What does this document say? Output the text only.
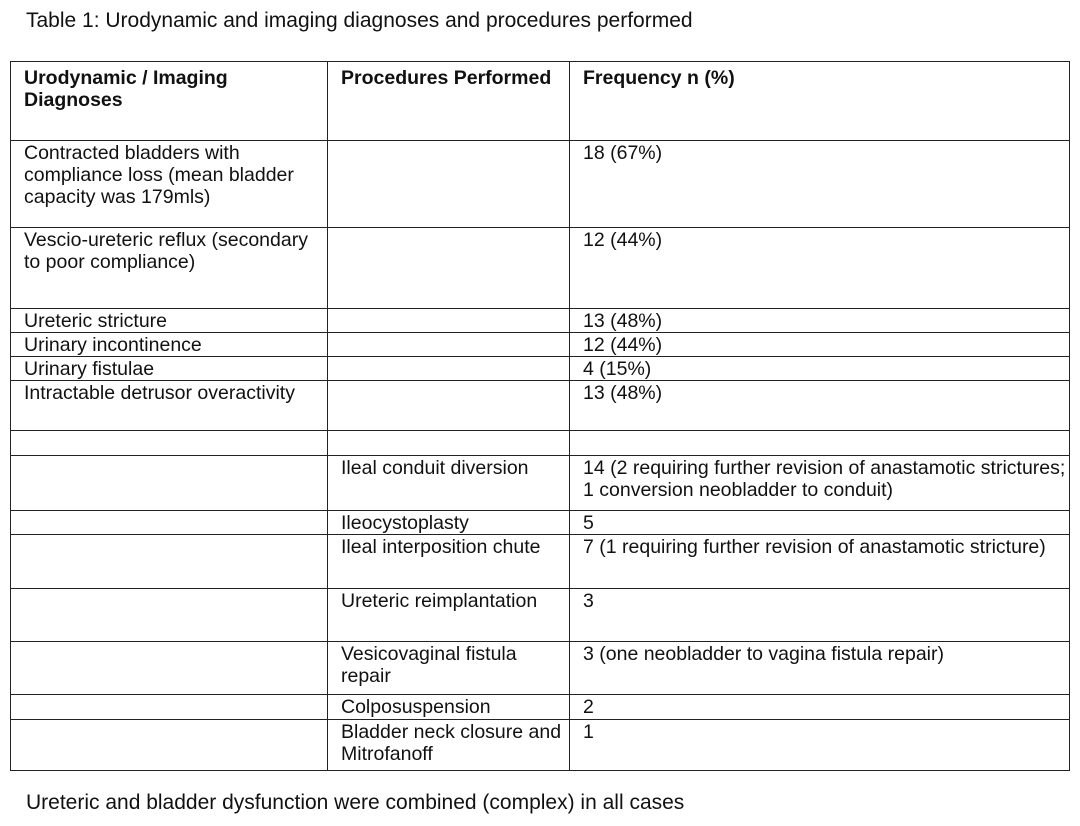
Table 1: Urodynamic and imaging diagnoses and procedures performed
Urodynamic / Imaging Diagnoses	Procedures Performed	Frequency n (%)
Contracted bladders with compliance loss (mean bladder capacity was 179mls)		18 (67%)
Vescio-ureteric reflux (secondary to poor compliance)		12 (44%)
Ureteric stricture		13 (48%)
Urinary incontinence		12 (44%)
Urinary fistulae		4 (15%)
Intractable detrusor overactivity		13 (48%)

	Ileal conduit diversion	14 (2 requiring further revision of anastamotic strictures; 1 conversion neobladder to conduit)
	Ileocystoplasty	5
	Ileal interposition chute	7 (1 requiring further revision of anastamotic stricture)
	Ureteric reimplantation	3
	Vesicovaginal fistula repair	3 (one neobladder to vagina fistula repair)
	Colposuspension	2
	Bladder neck closure and Mitrofanoff	1
Ureteric and bladder dysfunction were combined (complex) in all cases
